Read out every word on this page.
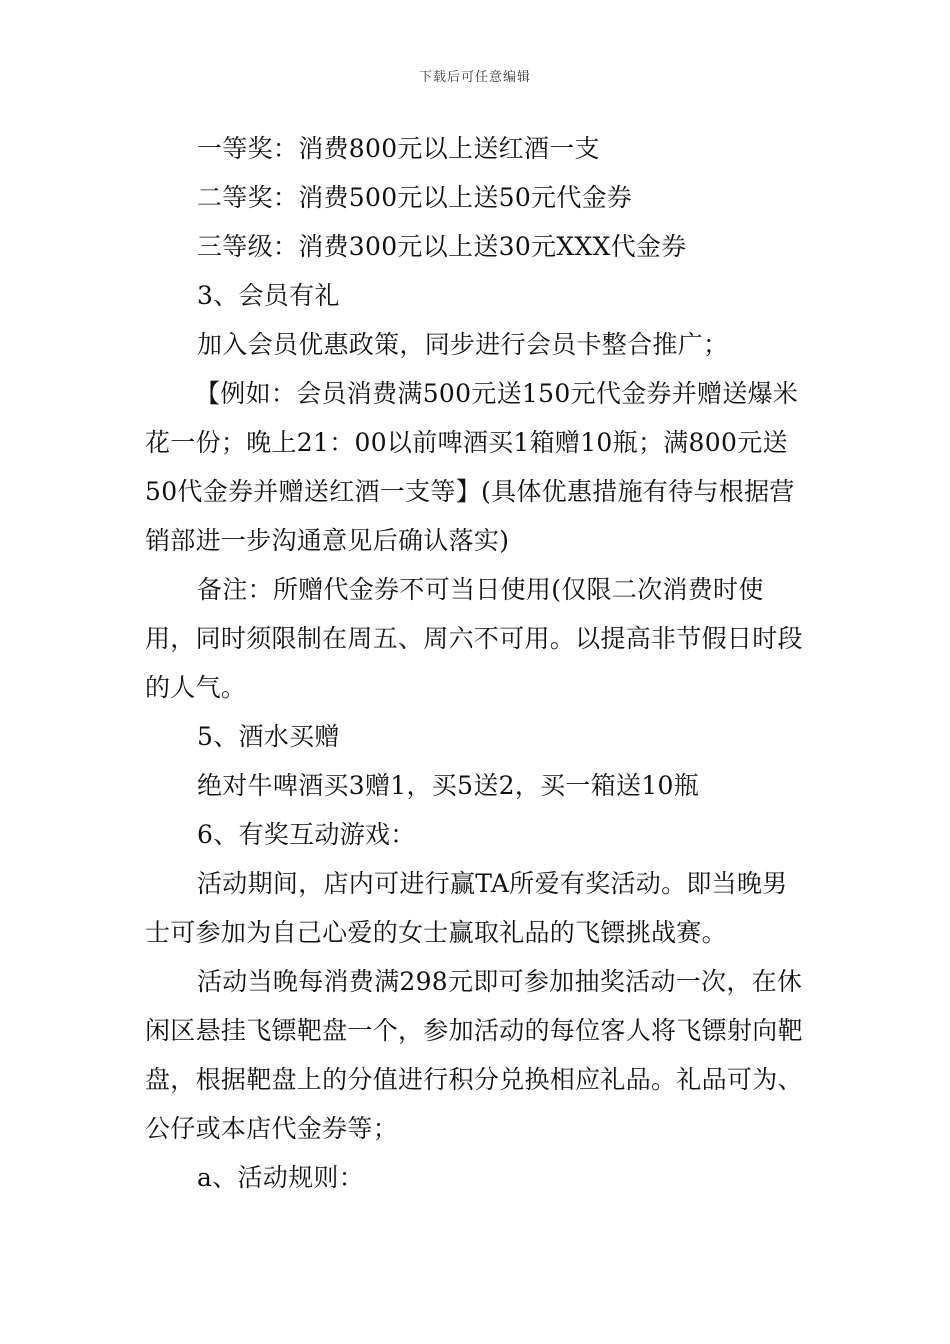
下载后可任意编辑

一等奖：消费800元以上送红酒一支

二等奖：消费500元以上送50元代金券

三等级：消费300元以上送30元XXX代金券

3、会员有礼

加入会员优惠政策，同步进行会员卡整合推广；

【例如：会员消费满500元送150元代金券并赠送爆米花一份；晚上21：00以前啤酒买1箱赠10瓶；满800元送50代金券并赠送红酒一支等】(具体优惠措施有待与根据营销部进一步沟通意见后确认落实)

备注：所赠代金券不可当日使用(仅限二次消费时使用，同时须限制在周五、周六不可用。以提高非节假日时段的人气。

5、酒水买赠

绝对牛啤酒买3赠1，买5送2，买一箱送10瓶

6、有奖互动游戏：

活动期间，店内可进行赢TA所爱有奖活动。即当晚男士可参加为自己心爱的女士赢取礼品的飞镖挑战赛。

活动当晚每消费满298元即可参加抽奖活动一次，在休闲区悬挂飞镖靶盘一个，参加活动的每位客人将飞镖射向靶盘，根据靶盘上的分值进行积分兑换相应礼品。礼品可为、公仔或本店代金券等；

a、活动规则：
